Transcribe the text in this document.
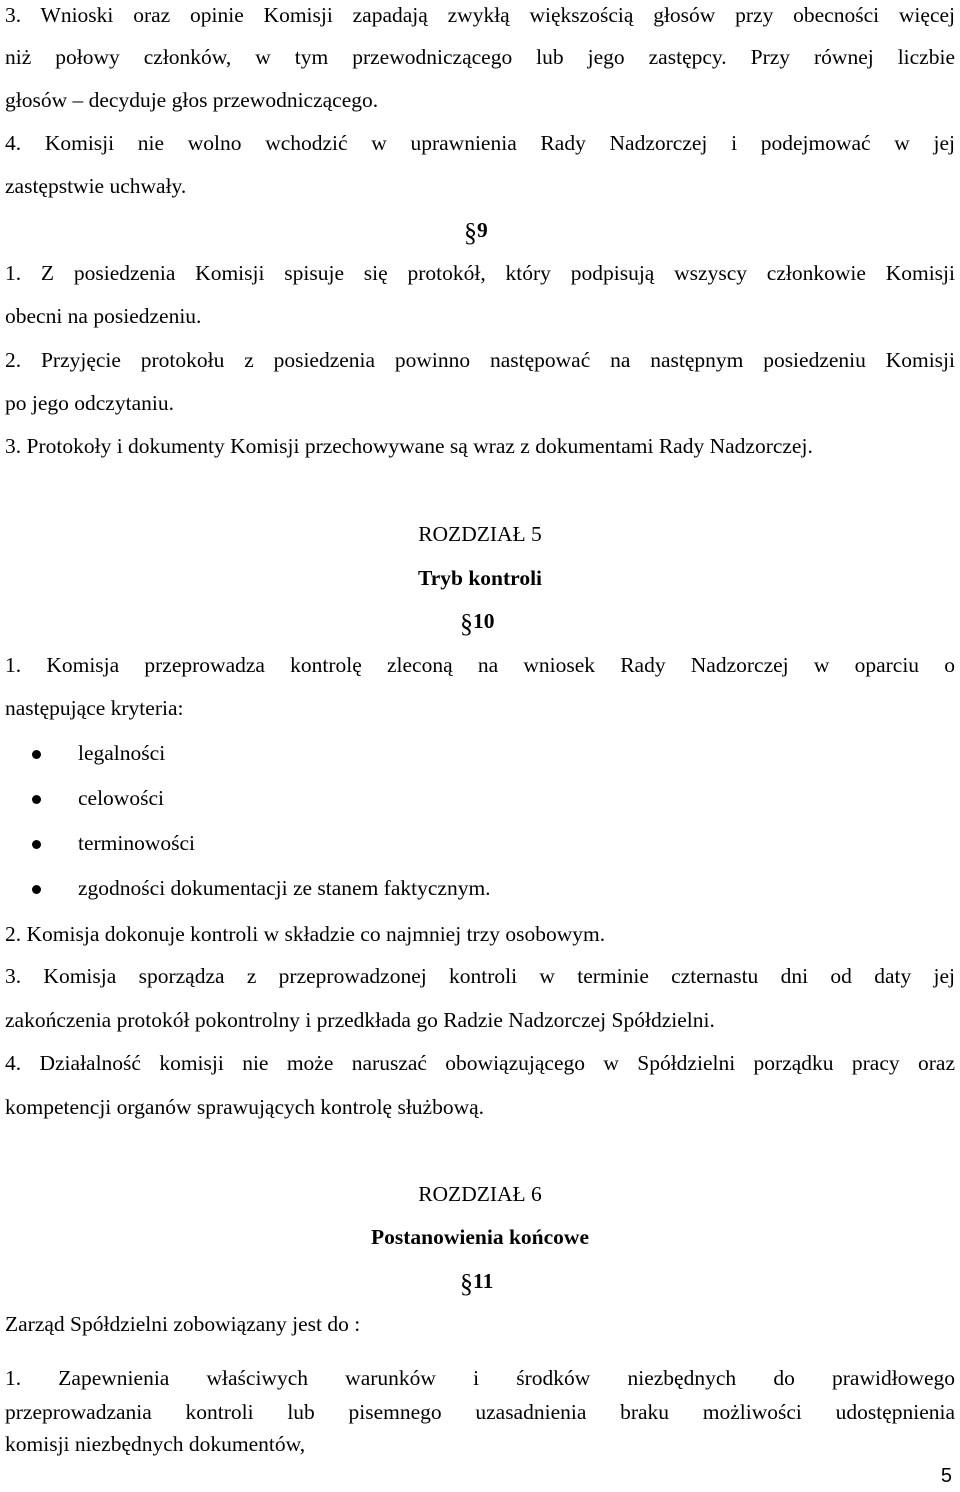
3. Wnioski oraz opinie Komisji zapadają zwykłą większością głosów przy obecności więcej
niż połowy członków, w tym przewodniczącego lub jego zastępcy. Przy równej liczbie
głosów – decyduje głos przewodniczącego.
4. Komisji nie wolno wchodzić w uprawnienia Rady Nadzorczej i podejmować w jej
zastępstwie uchwały.
§9
1. Z posiedzenia Komisji spisuje się protokół, który podpisują wszyscy członkowie Komisji
obecni na posiedzeniu.
2. Przyjęcie protokołu z posiedzenia powinno następować na następnym posiedzeniu Komisji
po jego odczytaniu.
3. Protokoły i dokumenty Komisji przechowywane są wraz z dokumentami Rady Nadzorczej.
ROZDZIAŁ 5
Tryb kontroli
§10
1. Komisja przeprowadza kontrolę zleconą na wniosek Rady Nadzorczej w oparciu o
następujące kryteria:
legalności
celowości
terminowości
zgodności dokumentacji ze stanem faktycznym.
2. Komisja dokonuje kontroli w składzie co najmniej trzy osobowym.
3. Komisja sporządza z przeprowadzonej kontroli w terminie czternastu dni od daty jej
zakończenia protokół pokontrolny i przedkłada go Radzie Nadzorczej Spółdzielni.
4. Działalność komisji nie może naruszać obowiązującego w Spółdzielni porządku pracy oraz
kompetencji organów sprawujących kontrolę służbową.
ROZDZIAŁ 6
Postanowienia końcowe
§11
Zarząd Spółdzielni zobowiązany jest do :
1. Zapewnienia właściwych warunków i środków niezbędnych do prawidłowego
przeprowadzania kontroli lub pisemnego uzasadnienia braku możliwości udostępnienia
komisji niezbędnych dokumentów,
5
